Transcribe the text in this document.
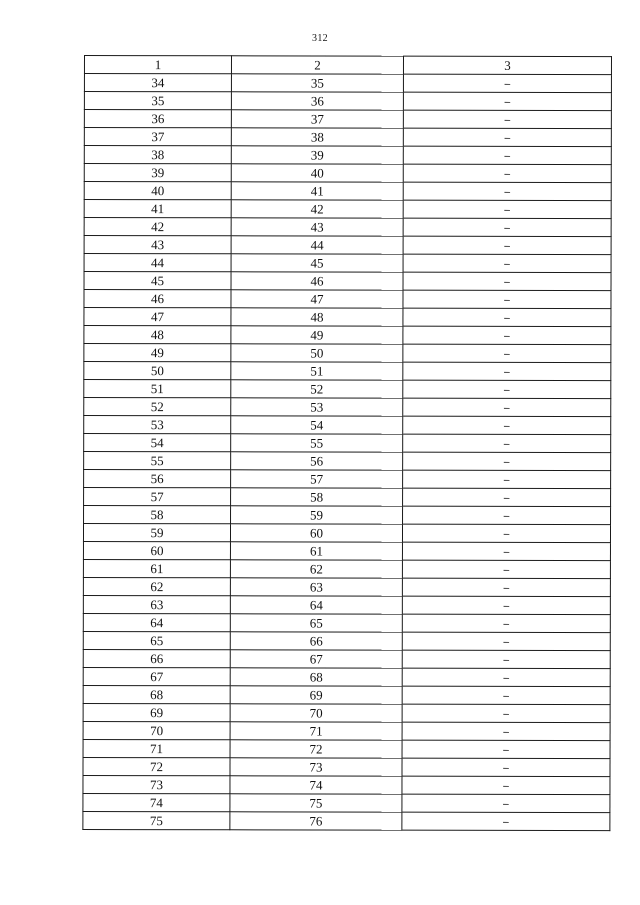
312
1	2	3
34	35	–
35	36	–
36	37	–
37	38	–
38	39	–
39	40	–
40	41	–
41	42	–
42	43	–
43	44	–
44	45	–
45	46	–
46	47	–
47	48	–
48	49	–
49	50	–
50	51	–
51	52	–
52	53	–
53	54	–
54	55	–
55	56	–
56	57	–
57	58	–
58	59	–
59	60	–
60	61	–
61	62	–
62	63	–
63	64	–
64	65	–
65	66	–
66	67	–
67	68	–
68	69	–
69	70	–
70	71	–
71	72	–
72	73	–
73	74	–
74	75	–
75	76	–
